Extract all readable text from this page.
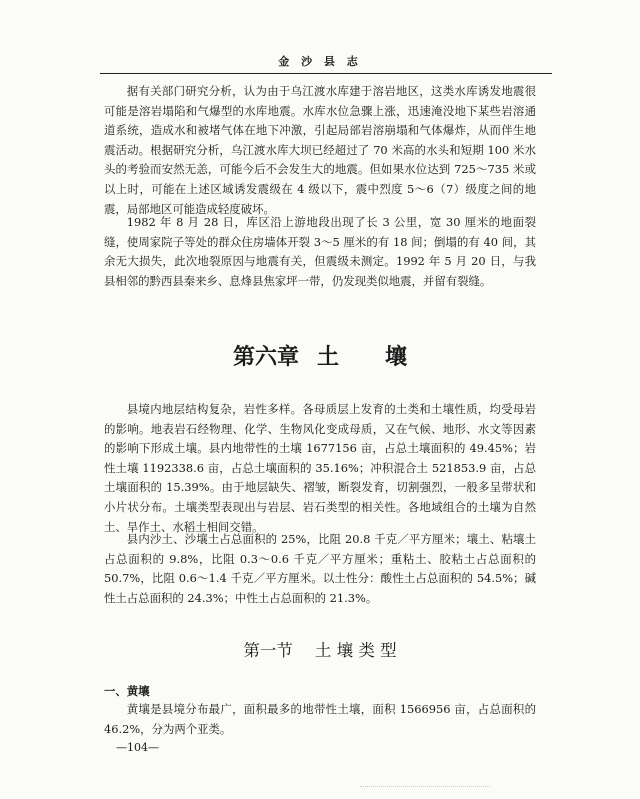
金 沙 县 志

据有关部门研究分析，认为由于乌江渡水库建于溶岩地区，这类水库诱发地震很可能是溶岩塌陷和气爆型的水库地震。水库水位急骤上涨，迅速淹没地下某些岩溶通道系统，造成水和被堵气体在地下冲激，引起局部岩溶崩塌和气体爆炸，从而伴生地震活动。根据研究分析，乌江渡水库大坝已经超过了 70 米高的水头和短期 100 米水头的考验而安然无恙，可能今后不会发生大的地震。但如果水位达到 725～735 米或以上时，可能在上述区域诱发震级在 4 级以下，震中烈度 5～6（7）级度之间的地震，局部地区可能造成轻度破坏。

1982 年 8 月 28 日，库区沿上游地段出现了长 3 公里，宽 30 厘米的地面裂缝，使周家院子等处的群众住房墙体开裂 3～5 厘米的有 18 间；倒塌的有 40 间，其余无大损失，此次地裂原因与地震有关，但震级未测定。1992 年 5 月 20 日，与我县相邻的黔西县秦来乡、息烽县焦家坪一带，仍发现类似地震，并留有裂缝。

第六章 土 壤

县境内地层结构复杂，岩性多样。各母质层上发育的土类和土壤性质，均受母岩的影响。地表岩石经物理、化学、生物风化变成母质，又在气候、地形、水文等因素的影响下形成土壤。县内地带性的土壤 1677156 亩，占总土壤面积的 49.45%；岩性土壤 1192338.6 亩，占总土壤面积的 35.16%；冲积混合土 521853.9 亩，占总土壤面积的 15.39%。由于地层缺失、褶皱，断裂发育，切割强烈，一般多呈带状和小片状分布。土壤类型表现出与岩层、岩石类型的相关性。各地域组合的土壤为自然土、旱作土、水稻土相间交错。

县内沙土、沙壤土占总面积的 25%，比阻 20.8 千克／平方厘米；壤土、粘壤土占总面积的 9.8%，比阻 0.3～0.6 千克／平方厘米；重粘土、胶粘土占总面积的 50.7%，比阻 0.6～1.4 千克／平方厘米。以土性分：酸性土占总面积的 54.5%；碱性土占总面积的 24.3%；中性土占总面积的 21.3%。

第一节 土 壤 类 型
一、黄壤

黄壤是县境分布最广，面积最多的地带性土壤，面积 1566956 亩，占总面积的 46.2%，分为两个亚类。

—104—
